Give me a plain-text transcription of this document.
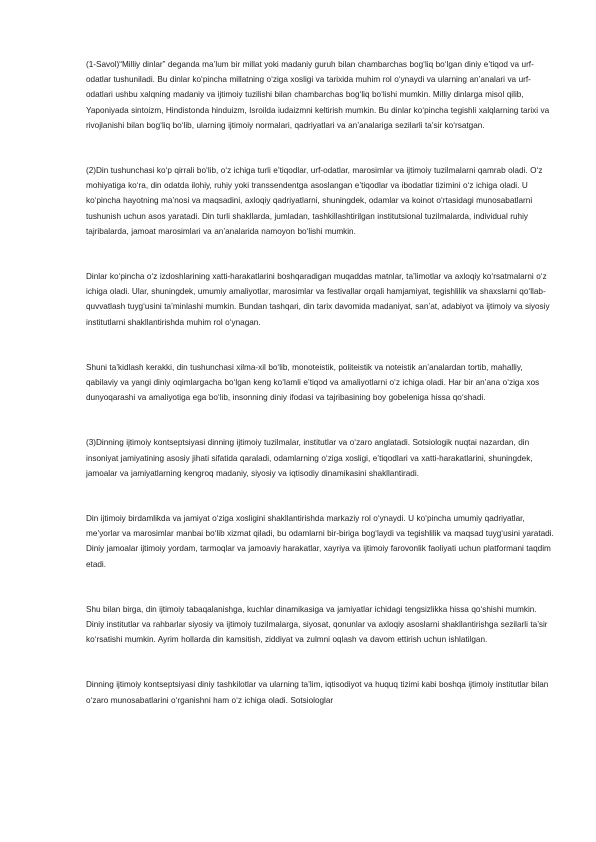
(1-Savol)“Milliy dinlar” deganda ma’lum bir millat yoki madaniy guruh bilan chambarchas bog‘liq bo‘lgan diniy e’tiqod va urf-odatlar tushuniladi. Bu dinlar ko‘pincha millatning o‘ziga xosligi va tarixida muhim rol o‘ynaydi va ularning an’analari va urf-odatlari ushbu xalqning madaniy va ijtimoiy tuzilishi bilan chambarchas bog‘liq bo‘lishi mumkin. Milliy dinlarga misol qilib, Yaponiyada sintoizm, Hindistonda hinduizm, Isroilda iudaizmni keltirish mumkin. Bu dinlar ko‘pincha tegishli xalqlarning tarixi va rivojlanishi bilan bog‘liq bo‘lib, ularning ijtimoiy normalari, qadriyatlari va an’analariga sezilarli ta’sir ko‘rsatgan.

(2)Din tushunchasi ko‘p qirrali bo‘lib, o‘z ichiga turli e’tiqodlar, urf-odatlar, marosimlar va ijtimoiy tuzilmalarni qamrab oladi. O‘z mohiyatiga ko‘ra, din odatda ilohiy, ruhiy yoki transsendentga asoslangan e’tiqodlar va ibodatlar tizimini o‘z ichiga oladi. U ko‘pincha hayotning ma’nosi va maqsadini, axloqiy qadriyatlarni, shuningdek, odamlar va koinot o‘rtasidagi munosabatlarni tushunish uchun asos yaratadi. Din turli shakllarda, jumladan, tashkillashtirilgan institutsional tuzilmalarda, individual ruhiy tajribalarda, jamoat marosimlari va an’analarida namoyon bo‘lishi mumkin.

Dinlar ko‘pincha o‘z izdoshlarining xatti-harakatlarini boshqaradigan muqaddas matnlar, ta’limotlar va axloqiy ko‘rsatmalarni o‘z ichiga oladi. Ular, shuningdek, umumiy amaliyotlar, marosimlar va festivallar orqali hamjamiyat, tegishlilik va shaxslarni qo‘llab-quvvatlash tuyg‘usini ta’minlashi mumkin. Bundan tashqari, din tarix davomida madaniyat, san’at, adabiyot va ijtimoiy va siyosiy institutlarni shakllantirishda muhim rol o‘ynagan.

Shuni ta’kidlash kerakki, din tushunchasi xilma-xil bo‘lib, monoteistik, politeistik va noteistik an’analardan tortib, mahalliy, qabilaviy va yangi diniy oqimlargacha bo‘lgan keng ko‘lamli e’tiqod va amaliyotlarni o‘z ichiga oladi. Har bir an’ana o‘ziga xos dunyoqarashi va amaliyotiga ega bo‘lib, insonning diniy ifodasi va tajribasining boy gobeleniga hissa qo‘shadi.

(3)Dinning ijtimoiy kontseptsiyasi dinning ijtimoiy tuzilmalar, institutlar va o‘zaro anglatadi. Sotsiologik nuqtai nazardan, din insoniyat jamiyatining asosiy jihati sifatida qaraladi, odamlarning o‘ziga xosligi, e’tiqodlari va xatti-harakatlarini, shuningdek, jamoalar va jamiyatlarning kengroq madaniy, siyosiy va iqtisodiy dinamikasini shakllantiradi.

Din ijtimoiy birdamlikda va jamiyat o‘ziga xosligini shakllantirishda markaziy rol o‘ynaydi. U ko‘pincha umumiy qadriyatlar, me’yorlar va marosimlar manbai bo‘lib xizmat qiladi, bu odamlarni bir-biriga bog‘laydi va tegishlilik va maqsad tuyg‘usini yaratadi. Diniy jamoalar ijtimoiy yordam, tarmoqlar va jamoaviy harakatlar, xayriya va ijtimoiy farovonlik faoliyati uchun platformani taqdim etadi.

Shu bilan birga, din ijtimoiy tabaqalanishga, kuchlar dinamikasiga va jamiyatlar ichidagi tengsizlikka hissa qo‘shishi mumkin. Diniy institutlar va rahbarlar siyosiy va ijtimoiy tuzilmalarga, siyosat, qonunlar va axloqiy asoslarni shakllantirishga sezilarli ta’sir ko‘rsatishi mumkin. Ayrim hollarda din kamsitish, ziddiyat va zulmni oqlash va davom ettirish uchun ishlatilgan.

Dinning ijtimoiy kontseptsiyasi diniy tashkilotlar va ularning ta’lim, iqtisodiyot va huquq tizimi kabi boshqa ijtimoiy institutlar bilan o‘zaro munosabatlarini o‘rganishni ham o‘z ichiga oladi. Sotsiologlar
